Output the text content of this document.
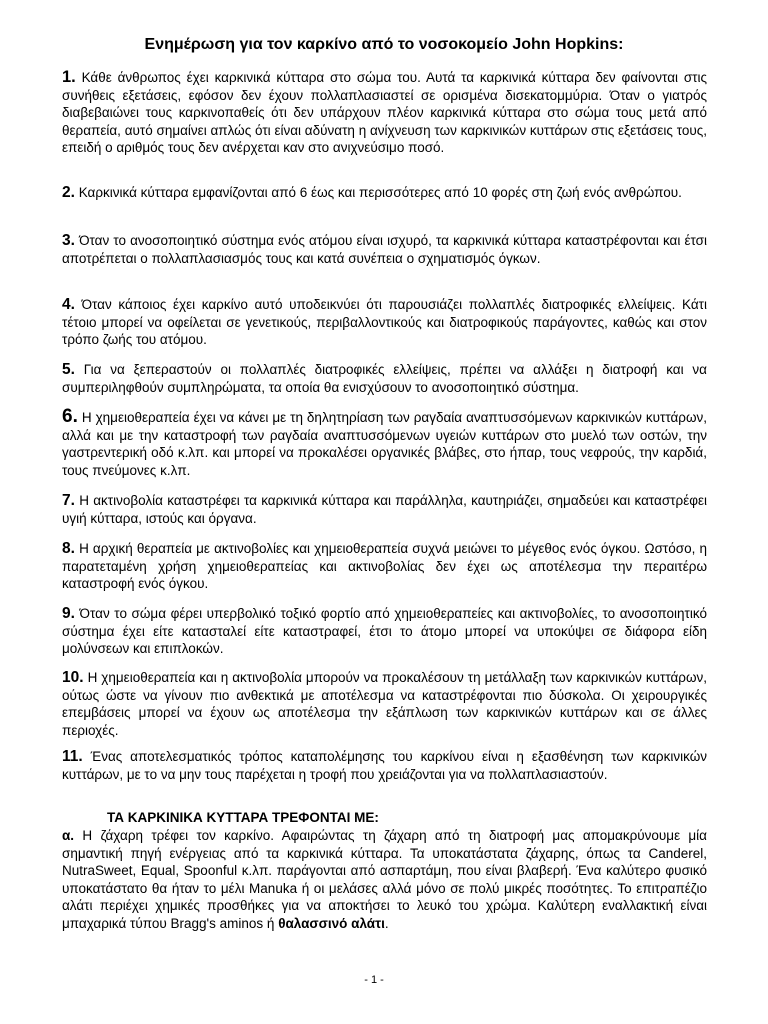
Ενημέρωση για τον καρκίνο από το νοσοκομείο John Hopkins:

1. Κάθε άνθρωπος έχει καρκινικά κύτταρα στο σώμα του. Αυτά τα καρκινικά κύτταρα δεν φαίνονται στις συνήθεις εξετάσεις, εφόσον δεν έχουν πολλαπλασιαστεί σε ορισμένα δισεκατομμύρια. Όταν ο γιατρός διαβεβαιώνει τους καρκινοπαθείς ότι δεν υπάρχουν πλέον καρκινικά κύτταρα στο σώμα τους μετά από θεραπεία, αυτό σημαίνει απλώς ότι είναι αδύνατη η ανίχνευση των καρκινικών κυττάρων στις εξετάσεις τους, επειδή ο αριθμός τους δεν ανέρχεται καν στο ανιχνεύσιμο ποσό.

2. Καρκινικά κύτταρα εμφανίζονται από 6 έως και περισσότερες από 10 φορές στη ζωή ενός ανθρώπου.

3. Όταν το ανοσοποιητικό σύστημα ενός ατόμου είναι ισχυρό, τα καρκινικά κύτταρα καταστρέφονται και έτσι αποτρέπεται ο πολλαπλασιασμός τους και κατά συνέπεια ο σχηματισμός όγκων.

4. Όταν κάποιος έχει καρκίνο αυτό υποδεικνύει ότι παρουσιάζει πολλαπλές διατροφικές ελλείψεις. Κάτι τέτοιο μπορεί να οφείλεται σε γενετικούς, περιβαλλοντικούς και διατροφικούς παράγοντες, καθώς και στον τρόπο ζωής του ατόμου.

5. Για να ξεπεραστούν οι πολλαπλές διατροφικές ελλείψεις, πρέπει να αλλάξει η διατροφή και να συμπεριληφθούν συμπληρώματα, τα οποία θα ενισχύσουν το ανοσοποιητικό σύστημα.

6. Η χημειοθεραπεία έχει να κάνει με τη δηλητηρίαση των ραγδαία αναπτυσσόμενων καρκινικών κυττάρων, αλλά και με την καταστροφή των ραγδαία αναπτυσσόμενων υγειών κυττάρων στο μυελό των οστών, την γαστρεντερική οδό κ.λπ. και μπορεί να προκαλέσει οργανικές βλάβες, στο ήπαρ, τους νεφρούς, την καρδιά, τους πνεύμονες κ.λπ.

7. Η ακτινοβολία καταστρέφει τα καρκινικά κύτταρα και παράλληλα, καυτηριάζει, σημαδεύει και καταστρέφει υγιή κύτταρα, ιστούς και όργανα.

8. Η αρχική θεραπεία με ακτινοβολίες και χημειοθεραπεία συχνά μειώνει το μέγεθος ενός όγκου. Ωστόσο, η παρατεταμένη χρήση χημειοθεραπείας και ακτινοβολίας δεν έχει ως αποτέλεσμα την περαιτέρω καταστροφή ενός όγκου.

9. Όταν το σώμα φέρει υπερβολικό τοξικό φορτίο από χημειοθεραπείες και ακτινοβολίες, το ανοσοποιητικό σύστημα έχει είτε κατασταλεί είτε καταστραφεί, έτσι το άτομο μπορεί να υποκύψει σε διάφορα είδη μολύνσεων και επιπλοκών.

10. Η χημειοθεραπεία και η ακτινοβολία μπορούν να προκαλέσουν τη μετάλλαξη των καρκινικών κυττάρων, ούτως ώστε να γίνουν πιο ανθεκτικά με αποτέλεσμα να καταστρέφονται πιο δύσκολα. Οι χειρουργικές επεμβάσεις μπορεί να έχουν ως αποτέλεσμα την εξάπλωση των καρκινικών κυττάρων και σε άλλες περιοχές.

11. Ένας αποτελεσματικός τρόπος καταπολέμησης του καρκίνου είναι η εξασθένηση των καρκινικών κυττάρων, με το να μην τους παρέχεται η τροφή που χρειάζονται για να πολλαπλασιαστούν.

ΤΑ ΚΑΡΚΙΝΙΚΑ ΚΥΤΤΑΡΑ ΤΡΕΦΟΝΤΑΙ ΜΕ:

α. Η ζάχαρη τρέφει τον καρκίνο. Αφαιρώντας τη ζάχαρη από τη διατροφή μας απομακρύνουμε μία σημαντική πηγή ενέργειας από τα καρκινικά κύτταρα. Τα υποκατάστατα ζάχαρης, όπως τα Canderel, NutraSweet, Equal, Spoonful κ.λπ. παράγονται από ασπαρτάμη, που είναι βλαβερή. Ένα καλύτερο φυσικό υποκατάστατο θα ήταν το μέλι Manuka ή οι μελάσες αλλά μόνο σε πολύ μικρές ποσότητες. Το επιτραπέζιο αλάτι περιέχει χημικές προσθήκες για να αποκτήσει το λευκό του χρώμα. Καλύτερη εναλλακτική είναι μπαχαρικά τύπου Bragg's aminos ή θαλασσινό αλάτι.

- 1 -
